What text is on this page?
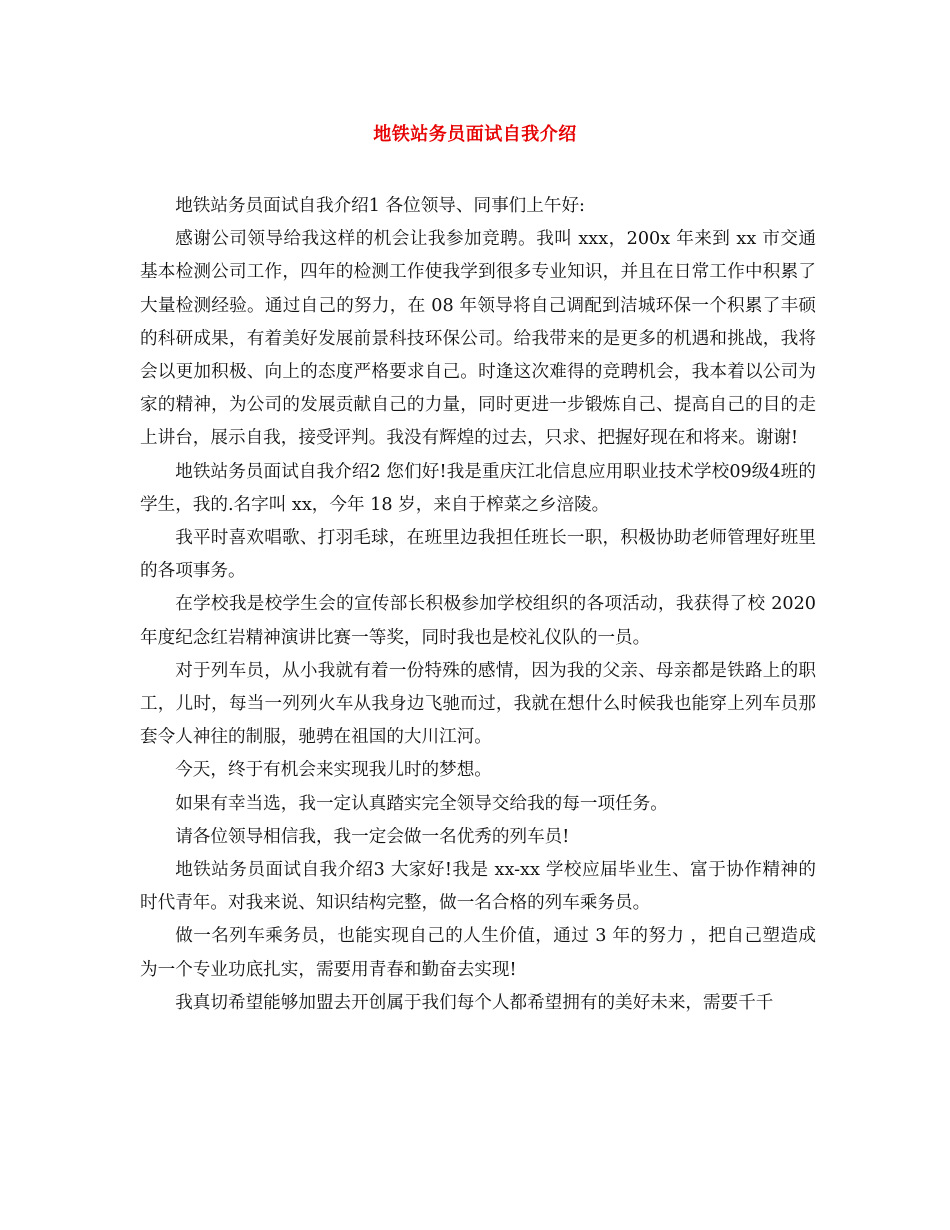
地铁站务员面试自我介绍

地铁站务员面试自我介绍1 各位领导、同事们上午好:

感谢公司领导给我这样的机会让我参加竞聘。我叫 xxx，200x 年来到 xx 市交通基本检测公司工作，四年的检测工作使我学到很多专业知识，并且在日常工作中积累了大量检测经验。通过自己的努力，在 08 年领导将自己调配到洁城环保一个积累了丰硕的科研成果，有着美好发展前景科技环保公司。给我带来的是更多的机遇和挑战，我将会以更加积极、向上的态度严格要求自己。时逢这次难得的竞聘机会，我本着以公司为家的精神，为公司的发展贡献自己的力量，同时更进一步锻炼自己、提高自己的目的走上讲台，展示自我，接受评判。我没有辉煌的过去，只求、把握好现在和将来。谢谢!

地铁站务员面试自我介绍2 您们好!我是重庆江北信息应用职业技术学校09级4班的学生，我的.名字叫 xx，今年 18 岁，来自于榨菜之乡涪陵。

我平时喜欢唱歌、打羽毛球，在班里边我担任班长一职，积极协助老师管理好班里的各项事务。

在学校我是校学生会的宣传部长积极参加学校组织的各项活动，我获得了校 2020 年度纪念红岩精神演讲比赛一等奖，同时我也是校礼仪队的一员。

对于列车员，从小我就有着一份特殊的感情，因为我的父亲、母亲都是铁路上的职工，儿时，每当一列列火车从我身边飞驰而过，我就在想什么时候我也能穿上列车员那套令人神往的制服，驰骋在祖国的大川江河。

今天，终于有机会来实现我儿时的梦想。

如果有幸当选，我一定认真踏实完全领导交给我的每一项任务。

请各位领导相信我，我一定会做一名优秀的列车员!

地铁站务员面试自我介绍3 大家好!我是 xx-xx 学校应届毕业生、富于协作精神的时代青年。对我来说、知识结构完整，做一名合格的列车乘务员。

做一名列车乘务员，也能实现自己的人生价值，通过 3 年的努力 ，把自己塑造成为一个专业功底扎实，需要用青春和勤奋去实现!

我真切希望能够加盟去开创属于我们每个人都希望拥有的美好未来，需要千千
